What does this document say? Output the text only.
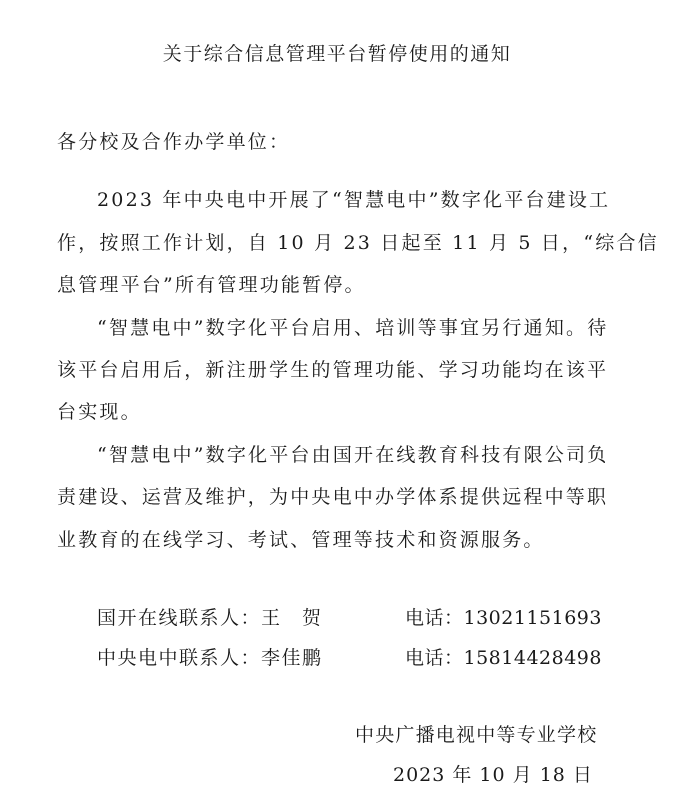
关于综合信息管理平台暂停使用的通知
各分校及合作办学单位：
2023 年中央电中开展了“智慧电中”数字化平台建设工
作，按照工作计划，自 10 月 23 日起至 11 月 5 日，“综合信
息管理平台”所有管理功能暂停。
“智慧电中”数字化平台启用、培训等事宜另行通知。待
该平台启用后，新注册学生的管理功能、学习功能均在该平
台实现。
“智慧电中”数字化平台由国开在线教育科技有限公司负
责建设、运营及维护，为中央电中办学体系提供远程中等职
业教育的在线学习、考试、管理等技术和资源服务。
国开在线联系人：王　贺	电话：13021151693
中央电中联系人：李佳鹏	电话：15814428498
中央广播电视中等专业学校
2023 年 10 月 18 日
